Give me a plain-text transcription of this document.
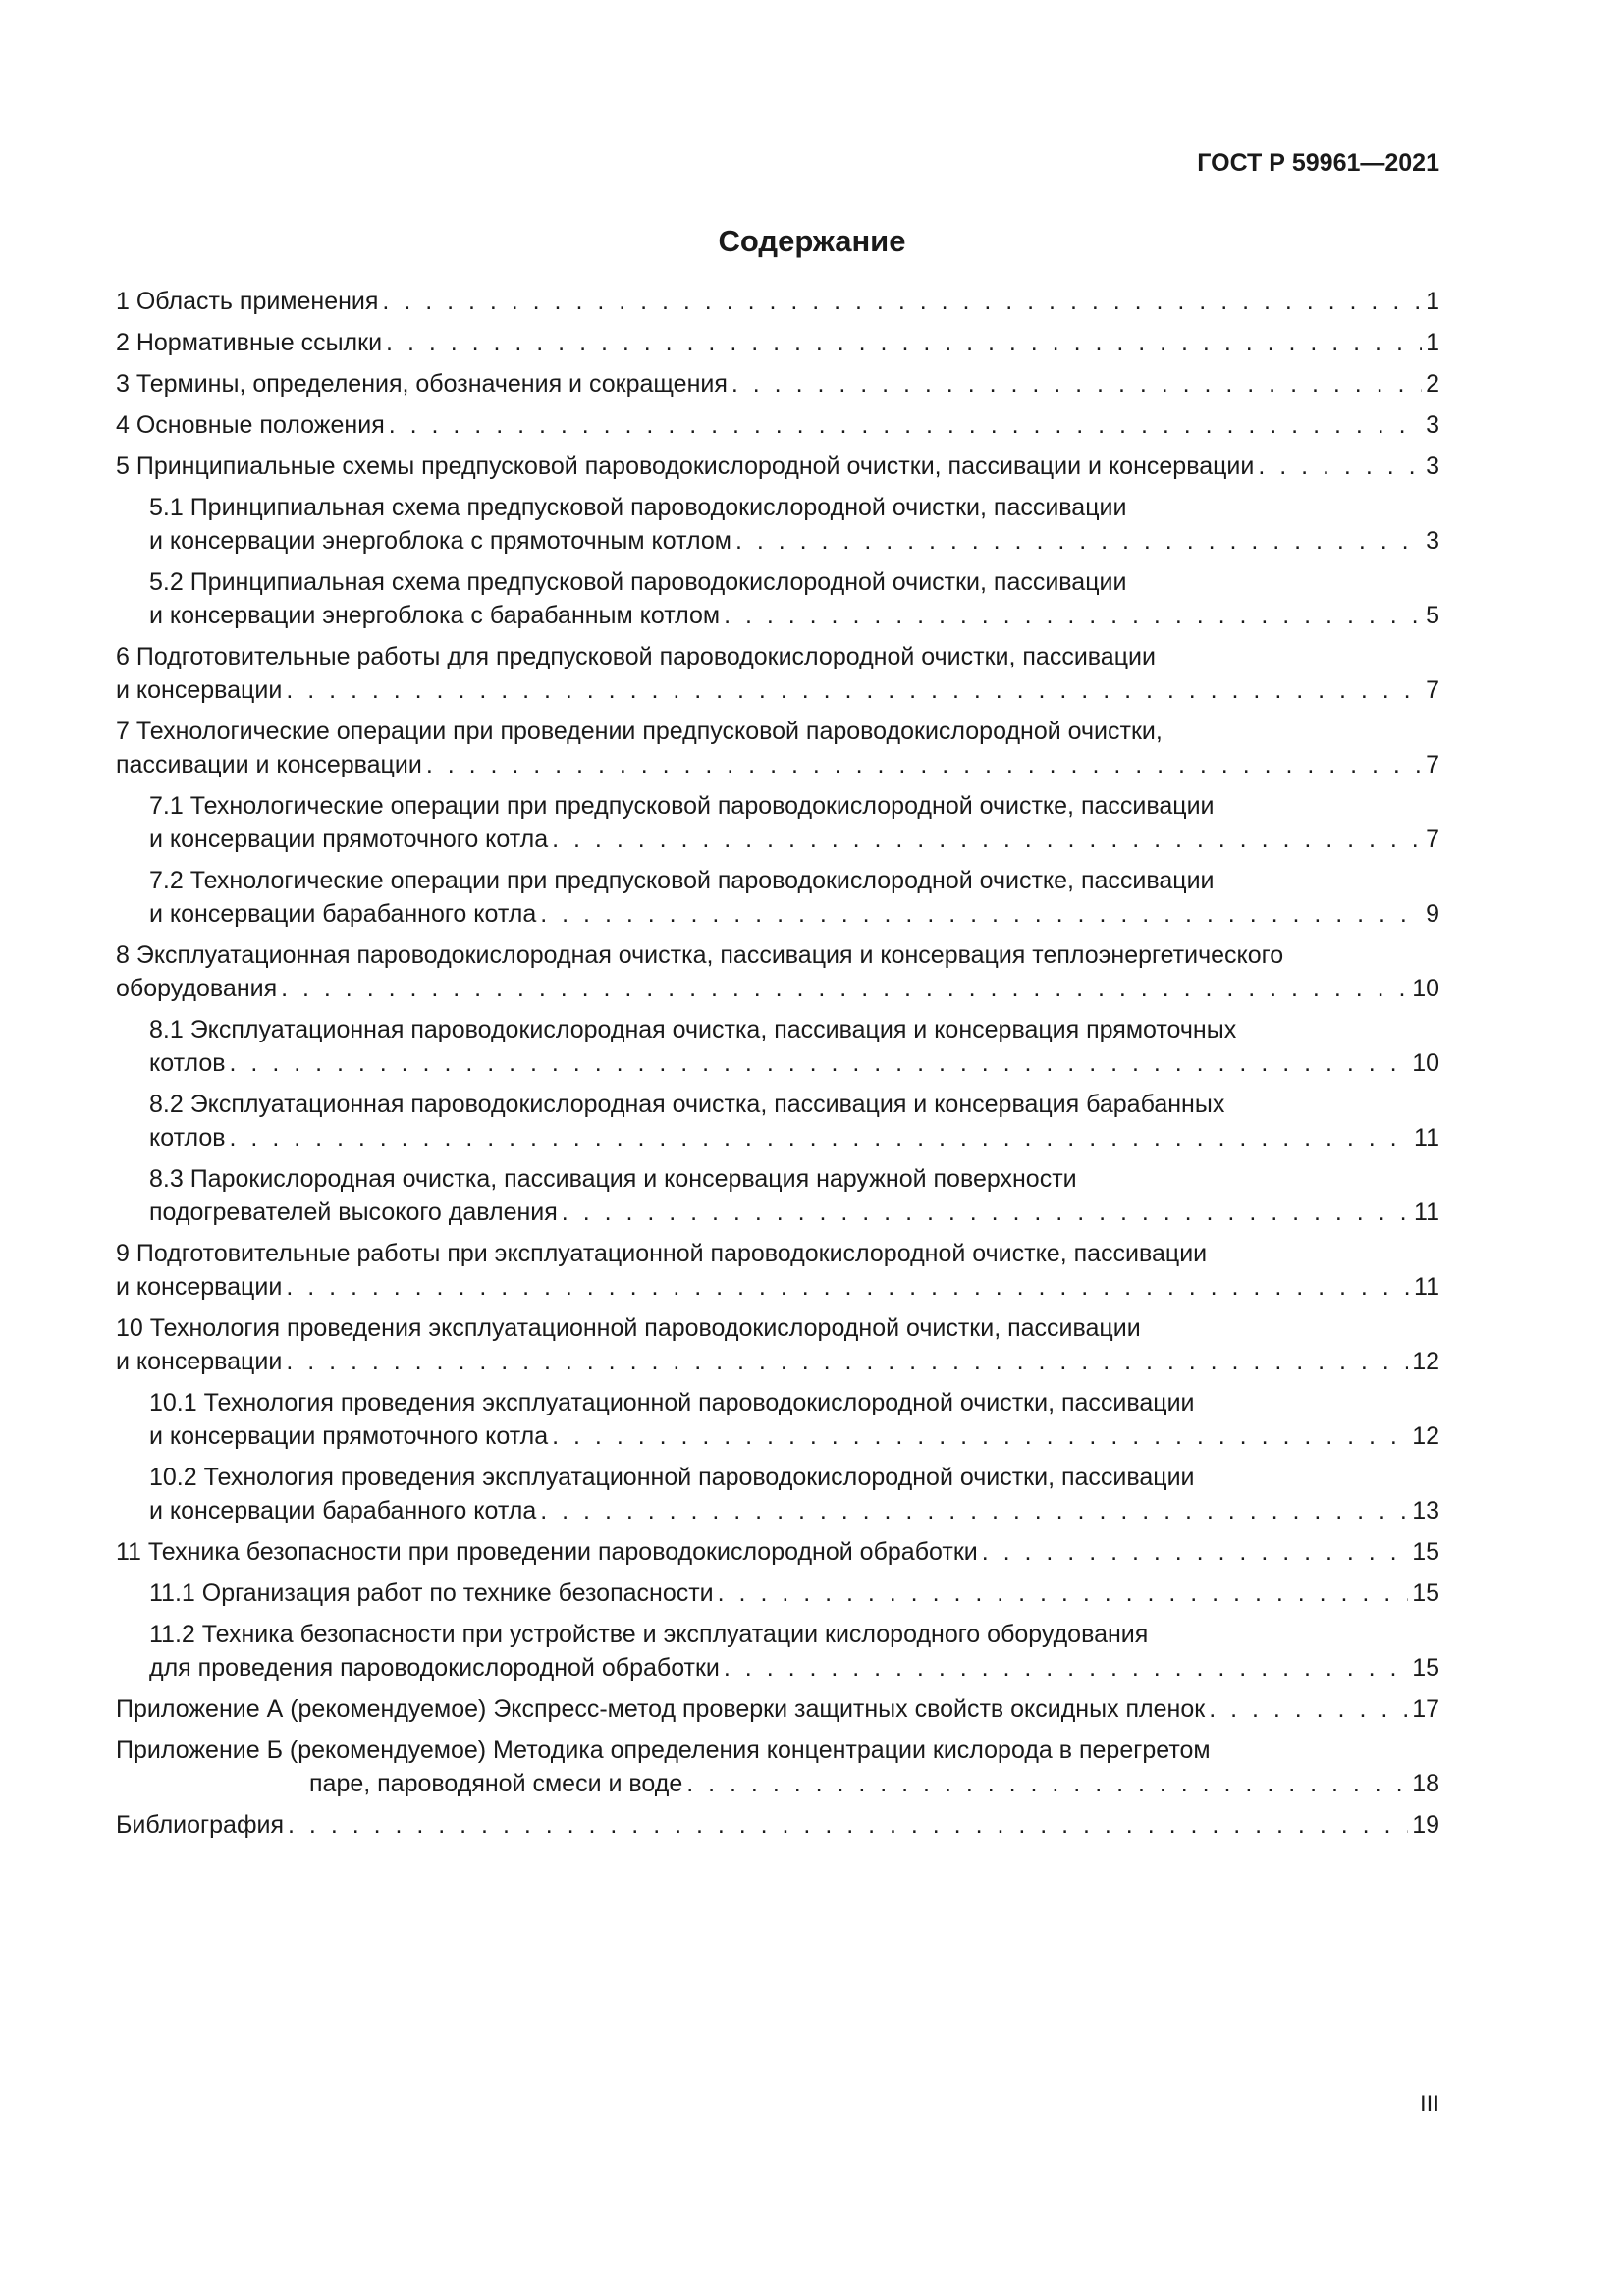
ГОСТ Р 59961—2021

Содержание
1 Область применения . . .	1
2 Нормативные ссылки . . .	1
3 Термины, определения, обозначения и сокращения . . .	2
4 Основные положения . . .	3
5 Принципиальные схемы предпусковой пароводокислородной очистки, пассивации и консервации . . .	3
5.1 Принципиальная схема предпусковой пароводокислородной очистки, пассивации
и консервации энергоблока с прямоточным котлом . . .	3
5.2 Принципиальная схема предпусковой пароводокислородной очистки, пассивации
и консервации энергоблока с барабанным котлом . . .	5
6 Подготовительные работы для предпусковой пароводокислородной очистки, пассивации
и консервации . . .	7
7 Технологические операции при проведении предпусковой пароводокислородной очистки,
пассивации и консервации . . .	7
7.1 Технологические операции при предпусковой пароводокислородной очистке, пассивации
и консервации прямоточного котла . . .	7
7.2 Технологические операции при предпусковой пароводокислородной очистке, пассивации
и консервации барабанного котла . . .	9
8 Эксплуатационная пароводокислородная очистка, пассивация и консервация теплоэнергетического
оборудования . . .	10
8.1 Эксплуатационная пароводокислородная очистка, пассивация и консервация прямоточных
котлов . . .	10
8.2 Эксплуатационная пароводокислородная очистка, пассивация и консервация барабанных
котлов . . .	11
8.3 Парокислородная очистка, пассивация и консервация наружной поверхности
подогревателей высокого давления . . .	11
9 Подготовительные работы при эксплуатационной пароводокислородной очистке, пассивации
и консервации . . .	11
10 Технология проведения эксплуатационной пароводокислородной очистки, пассивации
и консервации . . .	12
10.1 Технология проведения эксплуатационной пароводокислородной очистки, пассивации
и консервации прямоточного котла . . .	12
10.2 Технология проведения эксплуатационной пароводокислородной очистки, пассивации
и консервации барабанного котла . . .	13
11 Техника безопасности при проведении пароводокислородной обработки . . .	15
11.1 Организация работ по технике безопасности . . .	15
11.2 Техника безопасности при устройстве и эксплуатации кислородного оборудования
для проведения пароводокислородной обработки . . .	15
Приложение А (рекомендуемое) Экспресс-метод проверки защитных свойств оксидных пленок . . .	17
Приложение Б (рекомендуемое) Методика определения концентрации кислорода в перегретом
паре, пароводяной смеси и воде . . .	18
Библиография . . .	19

III
